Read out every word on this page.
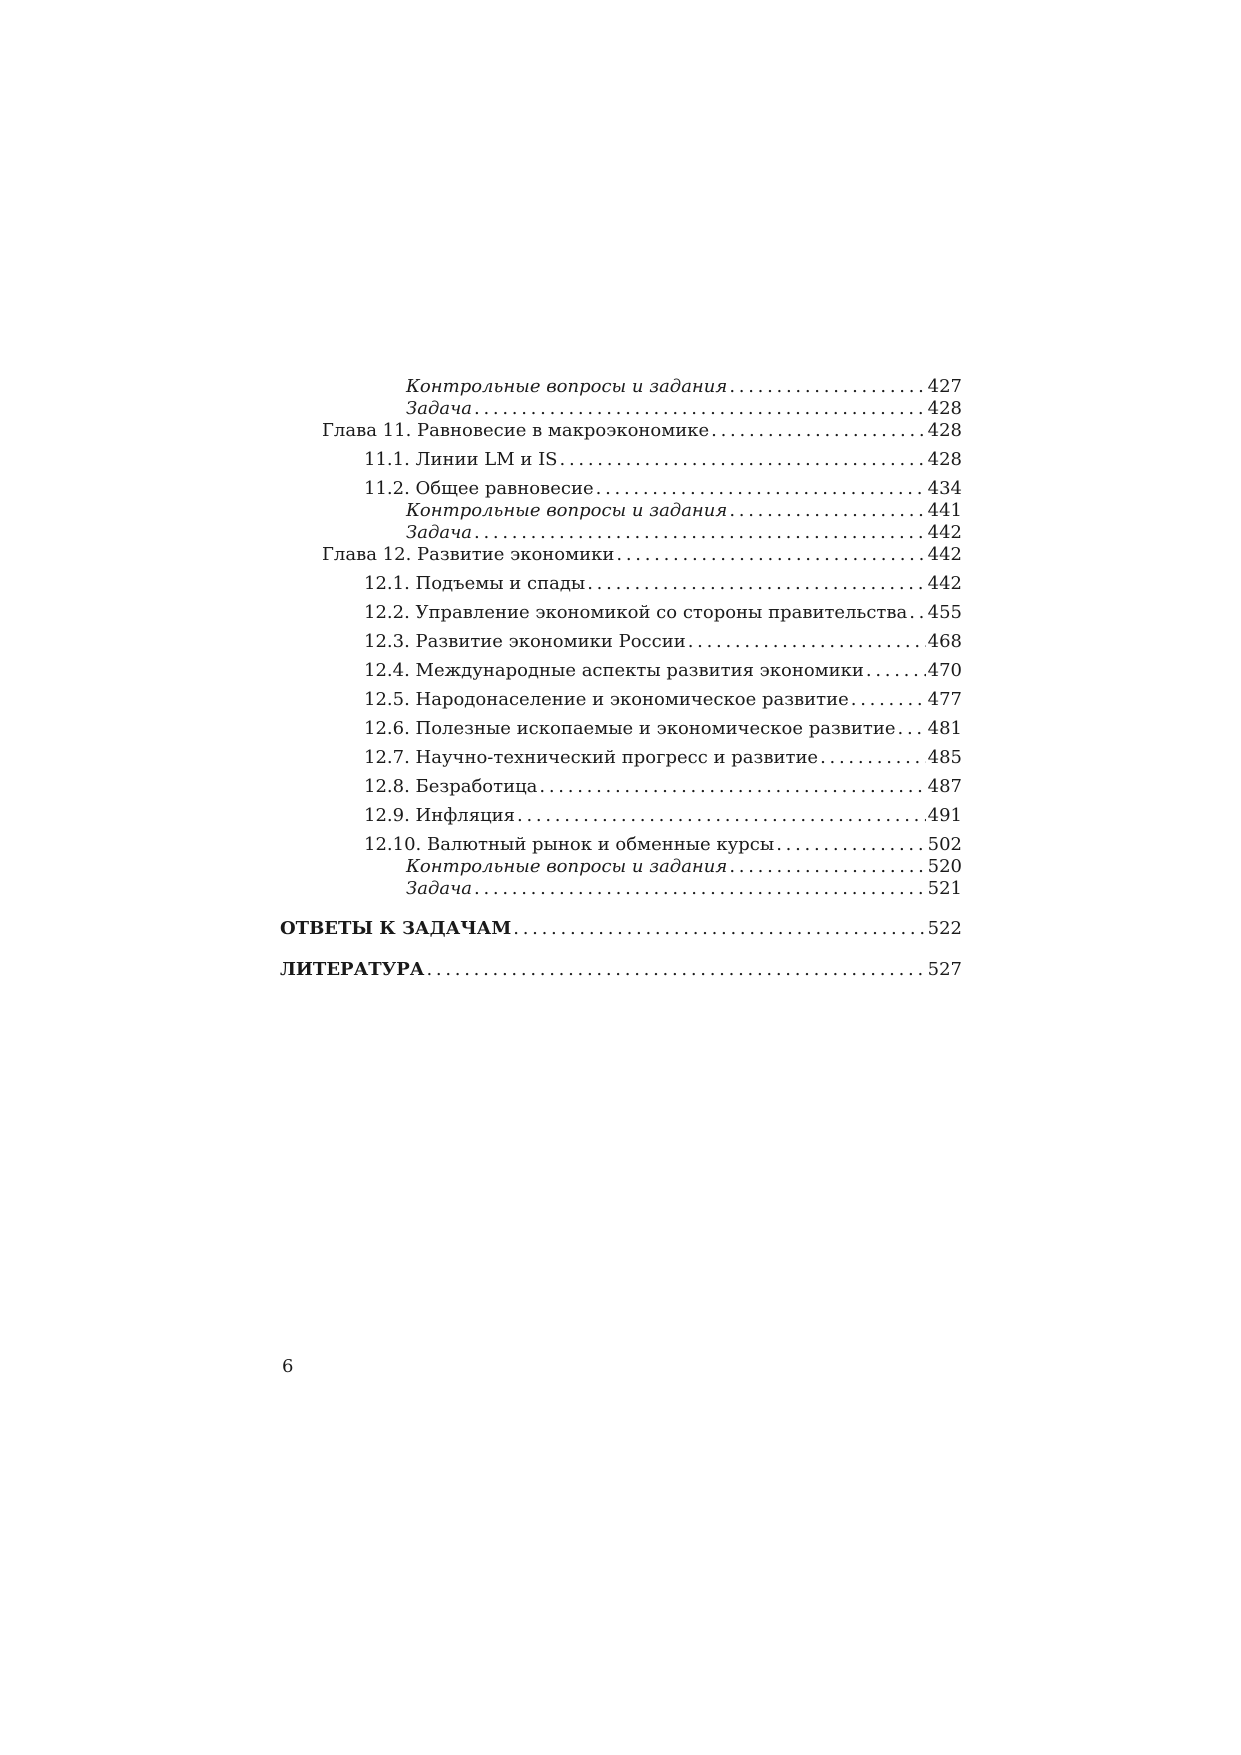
Контрольные вопросы и задания . . .	427
Задача . . .	428
Глава 11. Равновесие в макроэкономике . . .	428
11.1. Линии LM и IS . . .	428
11.2. Общее равновесие . . .	434
Контрольные вопросы и задания . . .	441
Задача . . .	442
Глава 12. Развитие экономики . . .	442
12.1. Подъемы и спады . . .	442
12.2. Управление экономикой со стороны правительства . . . 455
12.3. Развитие экономики России . . .	468
12.4. Международные аспекты развития экономики . . .	470
12.5. Народонаселение и экономическое развитие . . .	477
12.6. Полезные ископаемые и экономическое развитие . . . 481
12.7. Научно-технический прогресс и развитие . . .	485
12.8. Безработица . . .	487
12.9. Инфляция . . .	491
12.10. Валютный рынок и обменные курсы . . .	502
Контрольные вопросы и задания . . .	520
Задача . . .	521
ОТВЕТЫ К ЗАДАЧАМ . . .	522
ЛИТЕРАТУРА . . .	527
6
